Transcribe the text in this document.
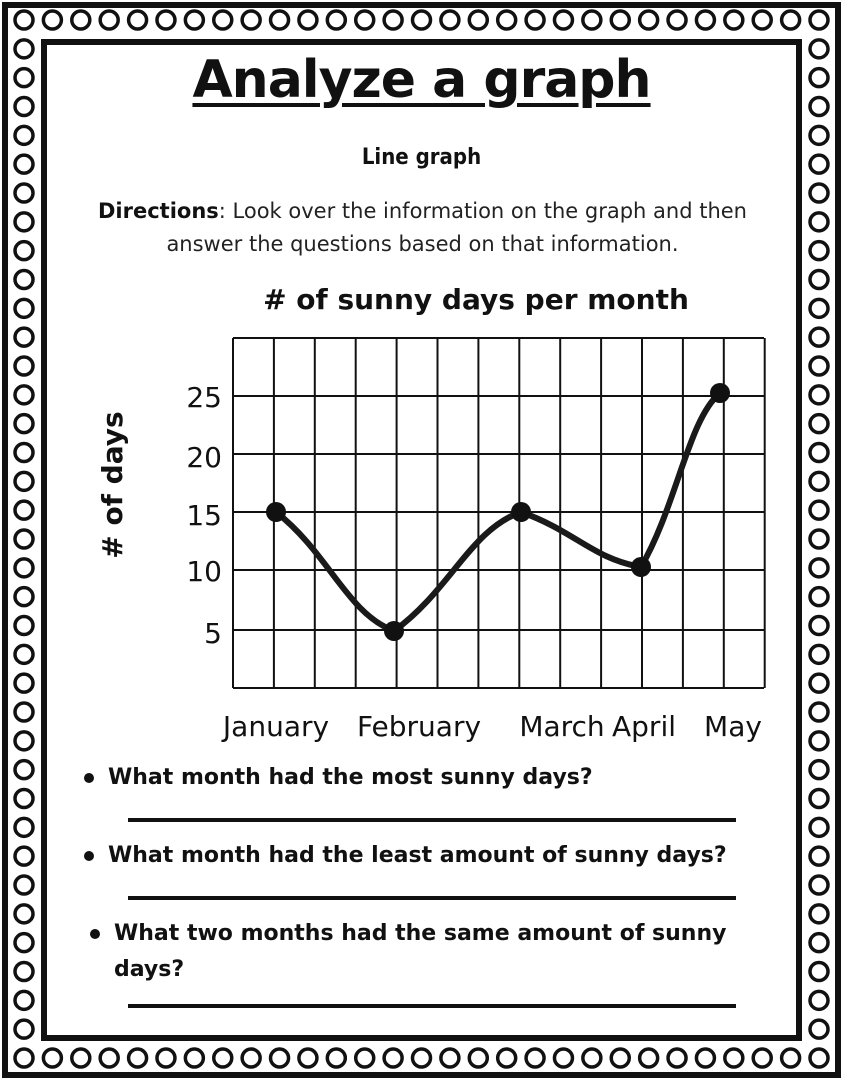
Analyze a graph
Line graph
Directions: Look over the information on the graph and then answer the questions based on that information.
# of sunny days per month
5
10
15
20
25
# of days
January February March April May
What month had the most sunny days?
What month had the least amount of sunny days?
What two months had the same amount of sunny days?
